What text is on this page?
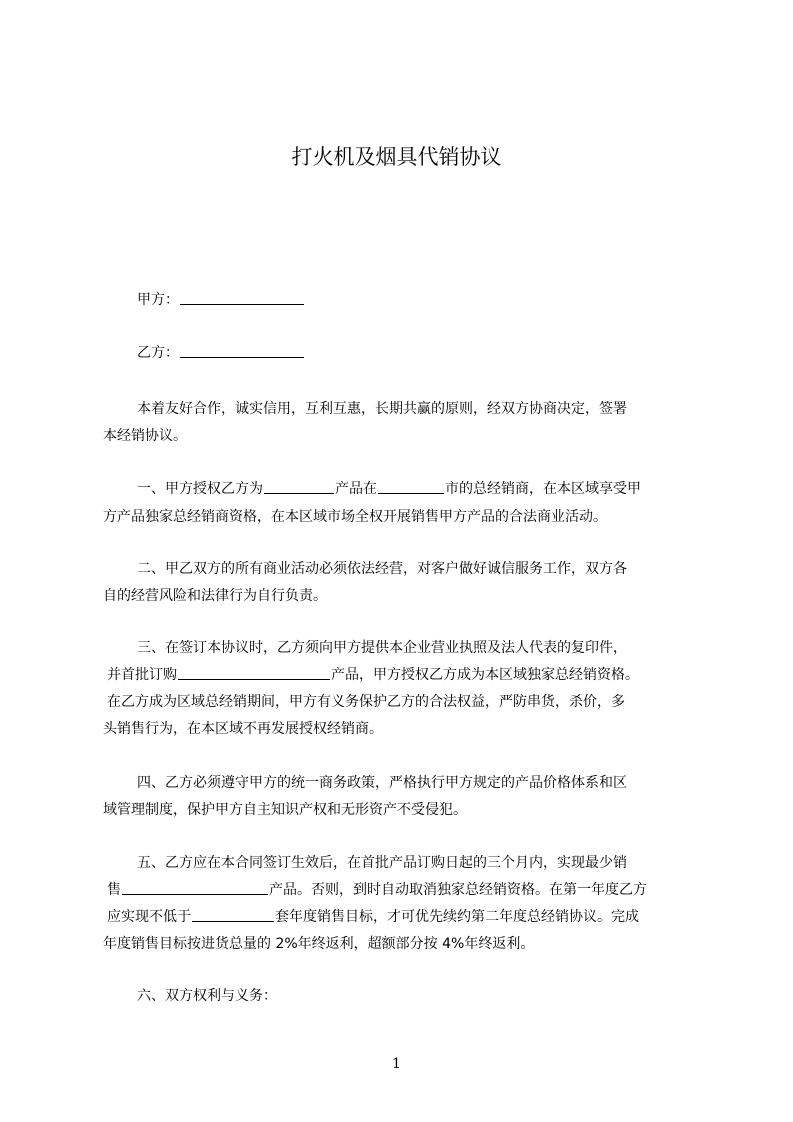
打火机及烟具代销协议
甲方：
乙方：
本着友好合作，诚实信用，互利互惠，长期共赢的原则，经双方协商决定，签署
本经销协议。
一、甲方授权乙方为	产品在	市的总经销商，在本区域享受甲
方产品独家总经销商资格，在本区域市场全权开展销售甲方产品的合法商业活动。
二、甲乙双方的所有商业活动必须依法经营，对客户做好诚信服务工作，双方各
自的经营风险和法律行为自行负责。
三、在签订本协议时，乙方须向甲方提供本企业营业执照及法人代表的复印件，
并首批订购	产品，甲方授权乙方成为本区域独家总经销资格。
在乙方成为区域总经销期间，甲方有义务保护乙方的合法权益，严防串货，杀价，多
头销售行为，在本区域不再发展授权经销商。
四、乙方必须遵守甲方的统一商务政策，严格执行甲方规定的产品价格体系和区
域管理制度，保护甲方自主知识产权和无形资产不受侵犯。
五、乙方应在本合同签订生效后，在首批产品订购日起的三个月内，实现最少销
售	产品。否则，到时自动取消独家总经销资格。在第一年度乙方
应实现不低于	套年度销售目标，才可优先续约第二年度总经销协议。完成
年度销售目标按进货总量的 2%年终返利，超额部分按 4%年终返利。
六、双方权利与义务：
1
